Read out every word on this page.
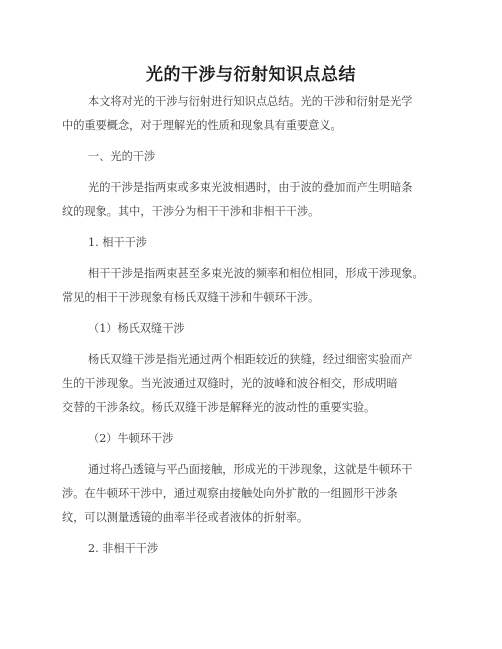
光的干涉与衍射知识点总结
本文将对光的干涉与衍射进行知识点总结。光的干涉和衍射是光学
中的重要概念，对于理解光的性质和现象具有重要意义。
一、光的干涉
光的干涉是指两束或多束光波相遇时，由于波的叠加而产生明暗条
纹的现象。其中，干涉分为相干干涉和非相干干涉。
1. 相干干涉
相干干涉是指两束甚至多束光波的频率和相位相同，形成干涉现象。
常见的相干干涉现象有杨氏双缝干涉和牛顿环干涉。
（1）杨氏双缝干涉
杨氏双缝干涉是指光通过两个相距较近的狭缝，经过细密实验而产
生的干涉现象。当光波通过双缝时，光的波峰和波谷相交，形成明暗
交替的干涉条纹。杨氏双缝干涉是解释光的波动性的重要实验。
（2）牛顿环干涉
通过将凸透镜与平凸面接触，形成光的干涉现象，这就是牛顿环干
涉。在牛顿环干涉中，通过观察由接触处向外扩散的一组圆形干涉条
纹，可以测量透镜的曲率半径或者液体的折射率。
2. 非相干干涉
